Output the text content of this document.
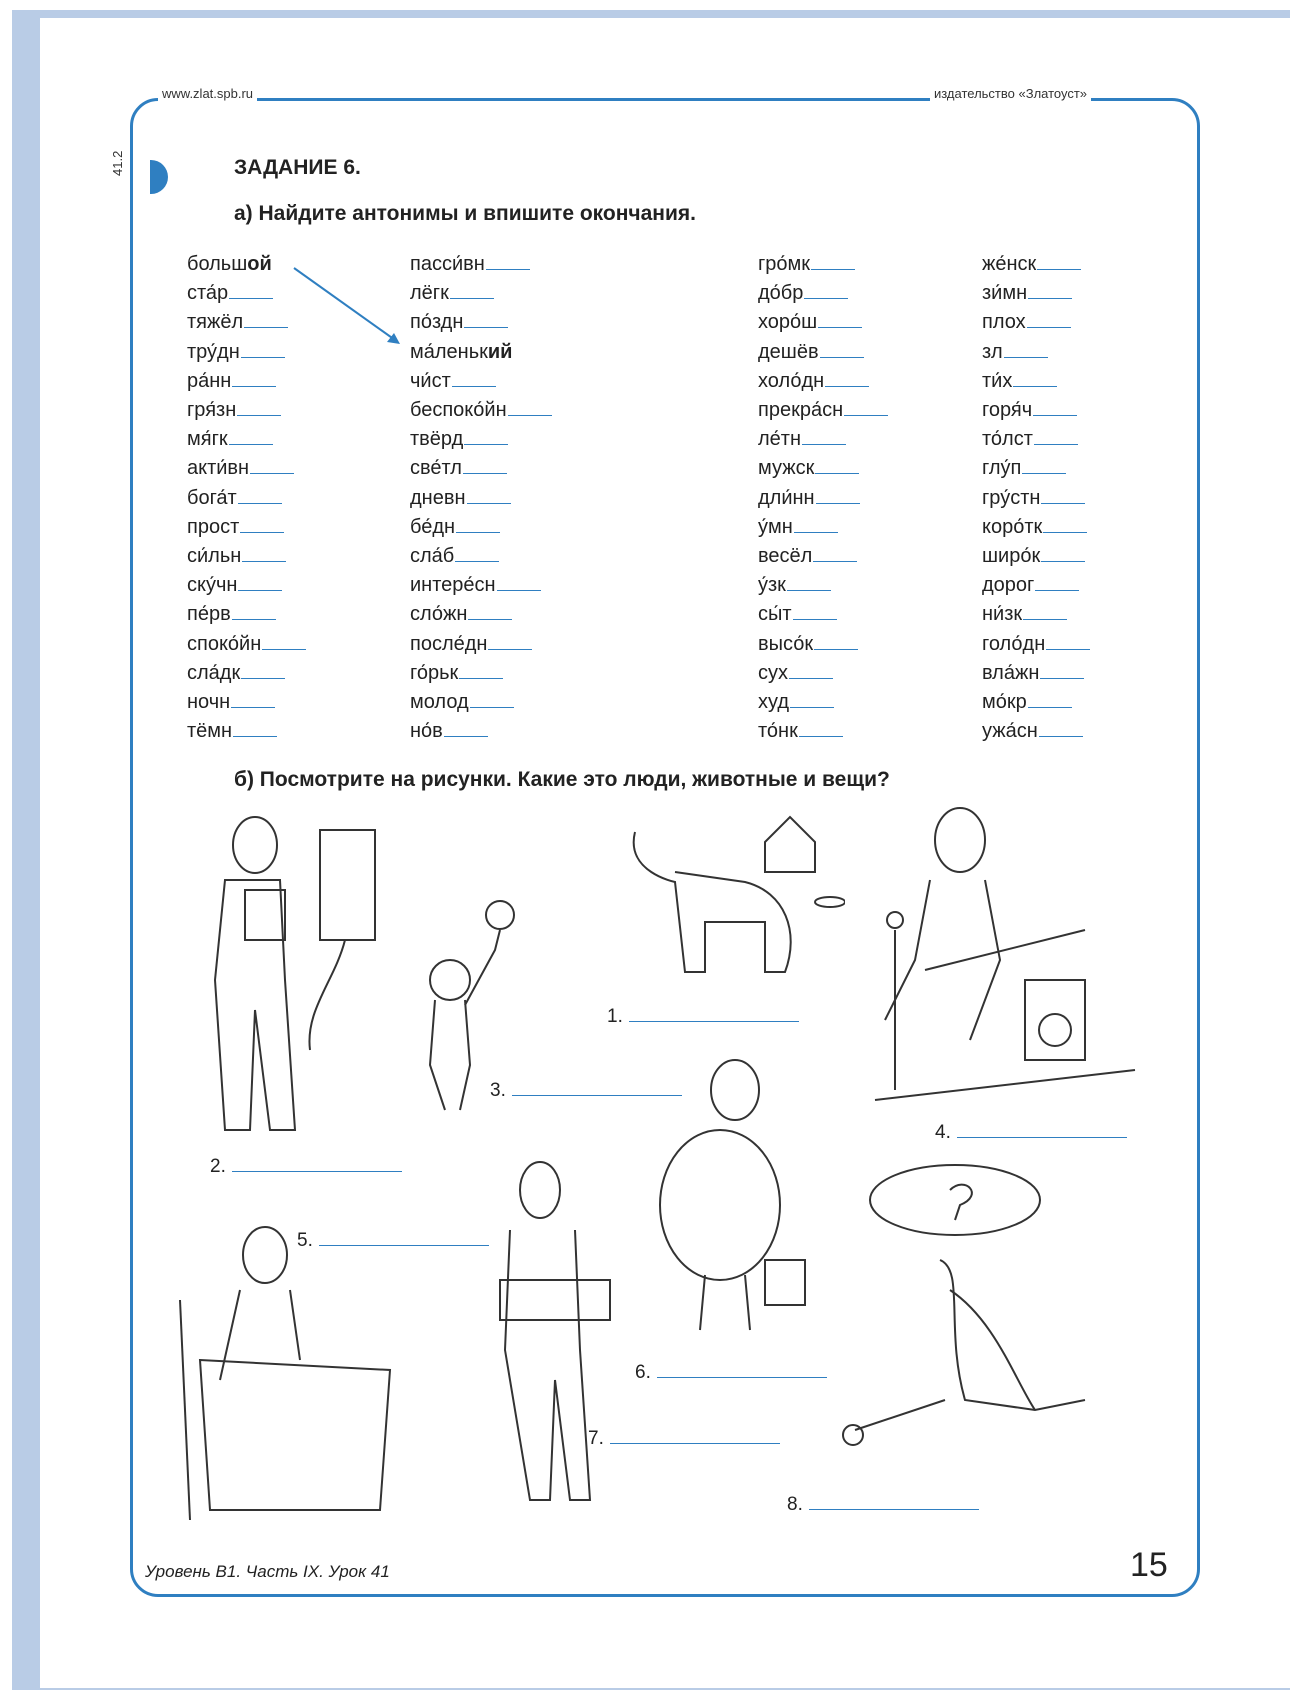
www.zlat.spb.ru	издательство «Златоуст»
41.2	ЗАДАНИЕ 6.
а) Найдите антонимы и впишите окончания.
большой
ста́р
тяжёл
тру́дн
ра́нн
гря́зн
мя́гк
акти́вн
бога́т
прост
си́льн
ску́чн
пе́рв
споко́йн
сла́дк
ночн
тёмн
пасси́вн
лёгк
по́здн
ма́ленький
чи́ст
беспоко́йн
твёрд
све́тл
дневн
бе́дн
сла́б
интере́сн
сло́жн
после́дн
го́рьк
молод
но́в
гро́мк
до́бр
хоро́ш
дешёв
холо́дн
прекра́сн
ле́тн
мужск
дли́нн
у́мн
весёл
у́зк
сы́т
высо́к
сух
худ
то́нк
же́нск
зи́мн
плох
зл
ти́х
горя́ч
то́лст
глу́п
гру́стн
коро́тк
широ́к
дорог
ни́зк
голо́дн
вла́жн
мо́кр
ужа́сн
б) Посмотрите на рисунки. Какие это люди, животные и вещи?
1.
2.
3.
4.
5.
6.
7.
8.
Уровень В1. Часть IX. Урок 41	15
